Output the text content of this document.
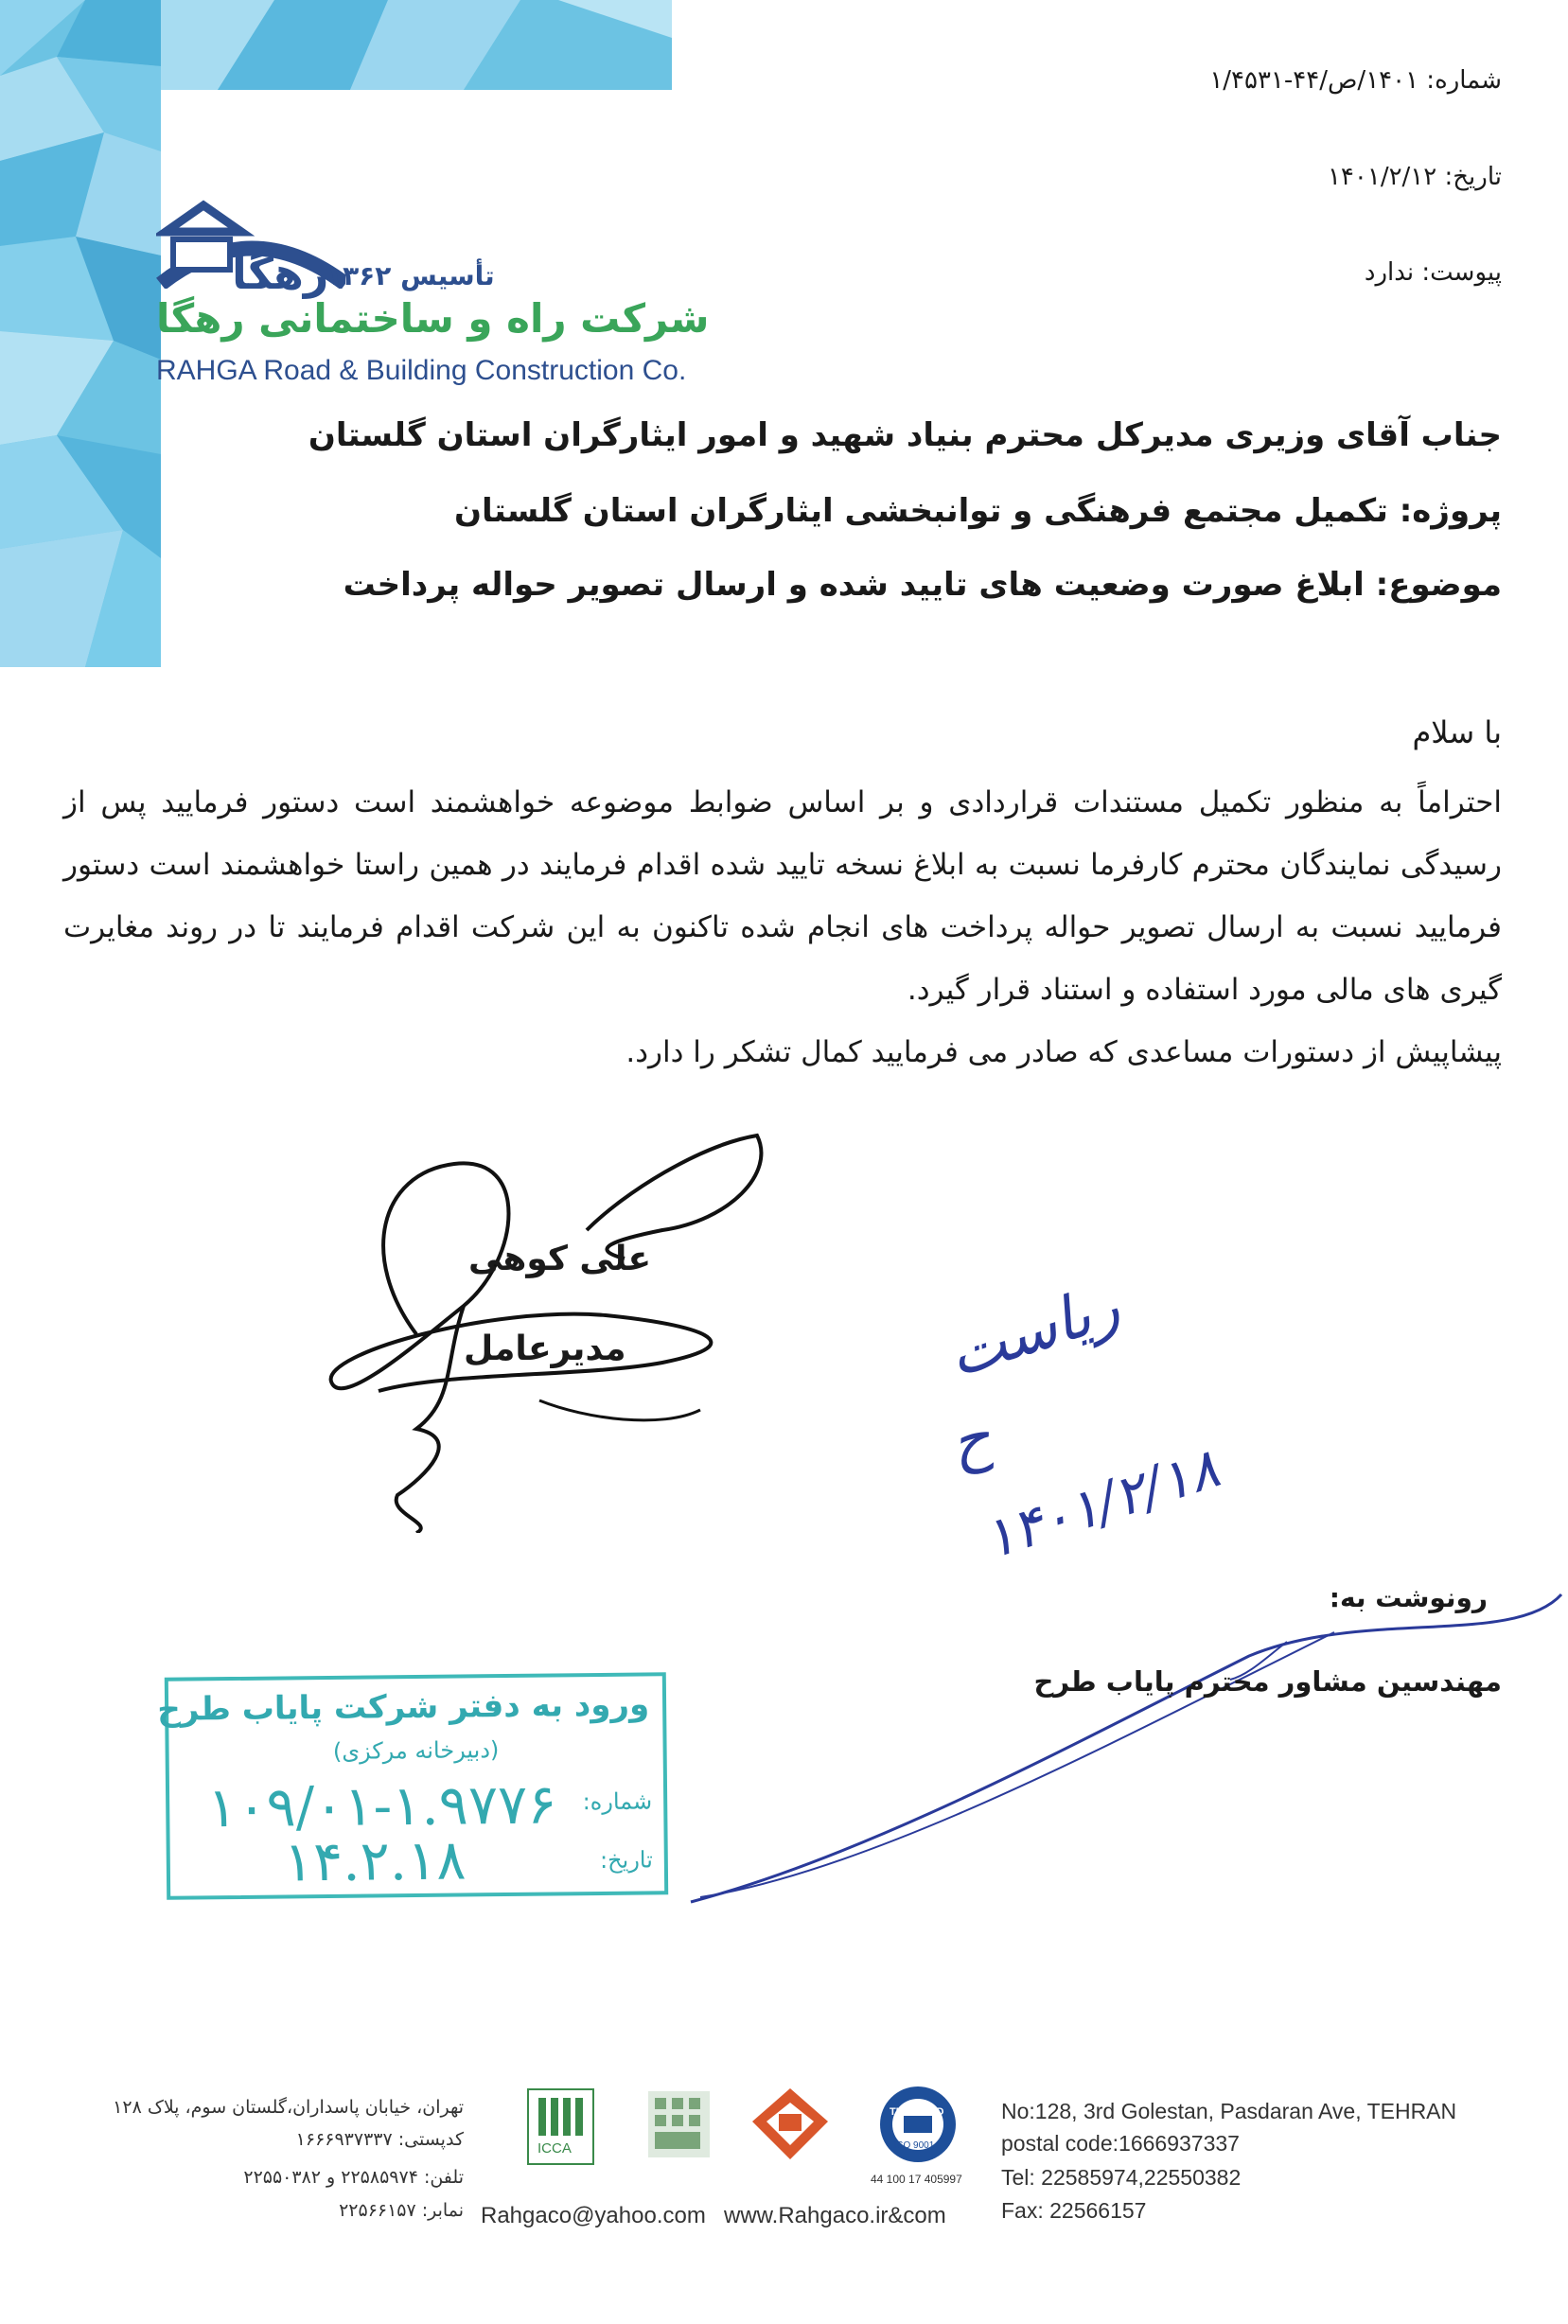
رهگا
تأسیس ۱۳۶۲
شرکت راه و ساختمانی رهگا
RAHGA Road & Building Construction Co.
شماره: ۱۴۰۱/ص/۴۴-۱/۴۵۳۱
تاریخ: ۱۴۰۱/۲/۱۲
پیوست: ندارد
جناب آقای وزیری مدیرکل محترم بنیاد شهید و امور ایثارگران استان گلستان
پروژه: تکمیل مجتمع فرهنگی و توانبخشی ایثارگران استان گلستان
موضوع: ابلاغ صورت وضعیت های تایید شده و ارسال تصویر حواله پرداخت
با سلام

احتراماً به منظور تکمیل مستندات قراردادی و بر اساس ضوابط موضوعه خواهشمند است دستور فرمایید پس از رسیدگی نمایندگان محترم کارفرما نسبت به ابلاغ نسخه تایید شده اقدام فرمایند در همین راستا خواهشمند است دستور فرمایید نسبت به ارسال تصویر حواله پرداخت های انجام شده تاکنون به این شرکت اقدام فرمایند تا در روند مغایرت گیری های مالی مورد استفاده و استناد قرار گیرد.

پیشاپیش از دستورات مساعدی که صادر می فرمایید کمال تشکر را دارد.

علی کوهی
مدیرعامل	ریاست
ح
۱۴۰۱/۲/۱۸
رونوشت به:
مهندسین مشاور محترم پایاب طرح
ورود به دفتر شرکت پایاب طرح
(دبیرخانه مرکزی)
شماره:
تاریخ:
۱۰۹/۰۱-۱.۹۷۷۶
۱۴.۲.۱۸
تهران، خیابان پاسداران،گلستان سوم، پلاک ۱۲۸
کدپستی: ۱۶۶۶۹۳۷۳۳۷
تلفن: ۲۲۵۸۵۹۷۴ و ۲۲۵۵۰۳۸۲
نمابر: ۲۲۵۶۶۱۵۷
ICCA
TUV NORD
ISO 9001
44 100 17 405997
Rahgaco@yahoo.com www.Rahgaco.ir&com
No:128, 3rd Golestan, Pasdaran Ave, TEHRAN
postal code:1666937337
Tel: 22585974,22550382
Fax: 22566157
